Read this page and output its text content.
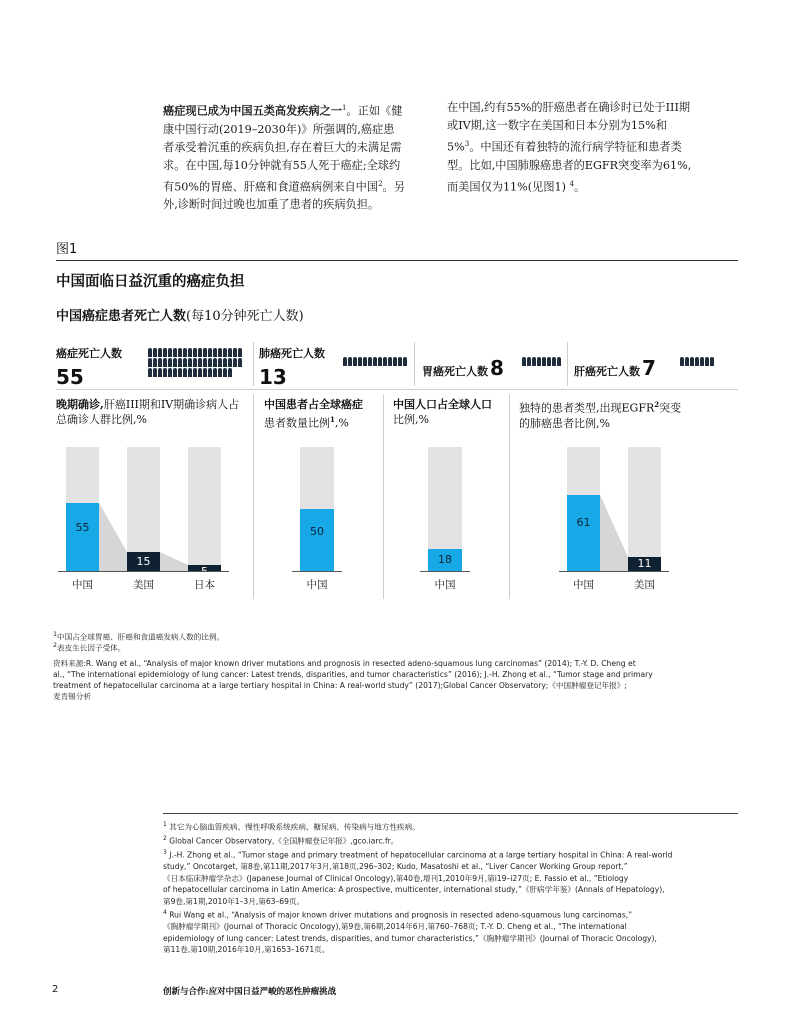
癌症现已成为中国五类高发疾病之一$^1$。正如《健
康中国行动(2019–2030年)》所强调的,癌症患
者承受着沉重的疾病负担,存在着巨大的未满足需
求。在中国,每10分钟就有55人死于癌症;全球约
有50%的胃癌、肝癌和食道癌病例来自中国$^2$。另
外,诊断时间过晚也加重了患者的疾病负担。
在中国,约有55%的肝癌患者在确诊时已处于III期
或IV期,这一数字在美国和日本分别为15%和
5%$^3$。中国还有着独特的流行病学特征和患者类
型。比如,中国肺腺癌患者的EGFR突变率为61%,
而美国仅为11%(见图1) $^4$。
图1
中国面临日益沉重的癌症负担
中国癌症患者死亡人数(每10分钟死亡人数)
癌症死亡人数
55
肺癌死亡人数
13	胃癌死亡人数 8	肝癌死亡人数 7
晚期确诊,肝癌III期和IV期确诊病人占总确诊人群比例,%
中国患者占全球癌症
患者数量比例$^1$,%
中国人口占全球人口
比例,%
独特的患者类型,出现EGFR$^2$突变
的肺癌患者比例,%
55
中国
15
美国	日本
50
中国
18
中国
61
中国
11
美国
$^1$中国占全球胃癌、肝癌和食道癌发病人数的比例。
$^2$表皮生长因子受体。
资料来源:R. Wang et al., “Analysis of major known driver mutations and prognosis in resected adeno-squamous lung carcinomas” (2014); T.-Y. D. Cheng et
al., “The international epidemiology of lung cancer: Latest trends, disparities, and tumor characteristics” (2016); J.-H. Zhong et al., “Tumor stage and primary
treatment of hepatocellular carcinoma at a large tertiary hospital in China: A real-world study” (2017);Global Cancer Observatory;《中国肿瘤登记年报》;
麦肯锡分析

$^1$ 其它为心脑血管疾病、慢性呼吸系统疾病、糖尿病、传染病与地方性疾病。

$^2$ Global Cancer Observatory,《全国肿瘤登记年报》,gco.iarc.fr。

$^3$ J.-H. Zhong et al., “Tumor stage and primary treatment of hepatocellular carcinoma at a large tertiary hospital in China: A real-world

study,” Oncotarget, 第8卷,第11期,2017年3月,第18页,296–302; Kudo, Masatoshi et al., “Liver Cancer Working Group report,”

《日本临床肿瘤学杂志》(Japanese Journal of Clinical Oncology),第40卷,增刊1,2010年9月,第i19–i27页; E. Fassio et al., “Etiology

of hepatocellular carcinoma in Latin America: A prospective, multicenter, international study,”《肝病学年鉴》(Annals of Hepatology),

第9卷,第1期,2010年1–3月,第63–69页。

$^4$ Rui Wang et al., “Analysis of major known driver mutations and prognosis in resected adeno-squamous lung carcinomas,”

《胸肿瘤学期刊》(Journal of Thoracic Oncology),第9卷,第6期,2014年6月,第760–768页; T.-Y. D. Cheng et al., “The international

epidemiology of lung cancer: Latest trends, disparities, and tumor characteristics,”《胸肿瘤学期刊》(Journal of Thoracic Oncology),

第11卷,第10期,2016年10月,第1653–1671页。

2	创新与合作:应对中国日益严峻的恶性肿瘤挑战
